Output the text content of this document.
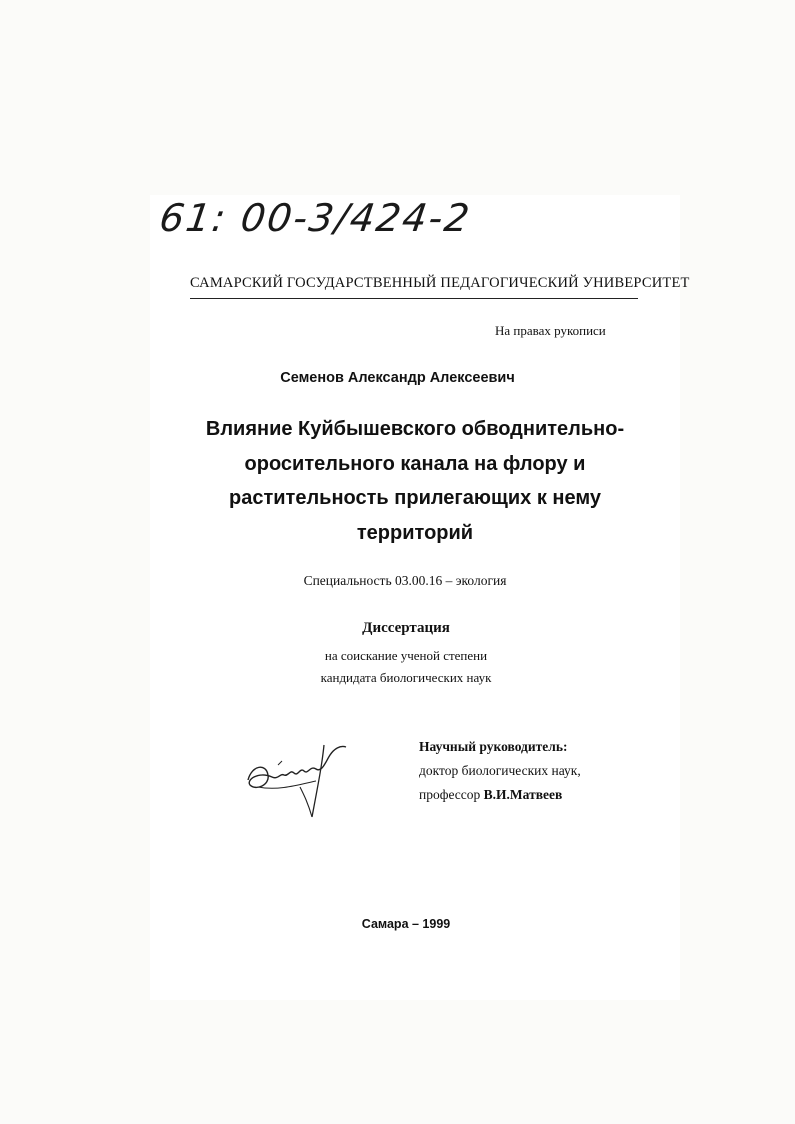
61: 00-3/424-2
САМАРСКИЙ ГОСУДАРСТВЕННЫЙ ПЕДАГОГИЧЕСКИЙ УНИВЕРСИТЕТ
На правах рукописи
Семенов Александр Алексеевич
Влияние Куйбышевского обводнительно-
оросительного канала на флору и
растительность прилегающих к нему
территорий
Специальность 03.00.16 – экология
Диссертация
на соискание ученой степени
кандидата биологических наук
Научный руководитель:
доктор биологических наук,
профессор В.И.Матвеев
Самара – 1999
